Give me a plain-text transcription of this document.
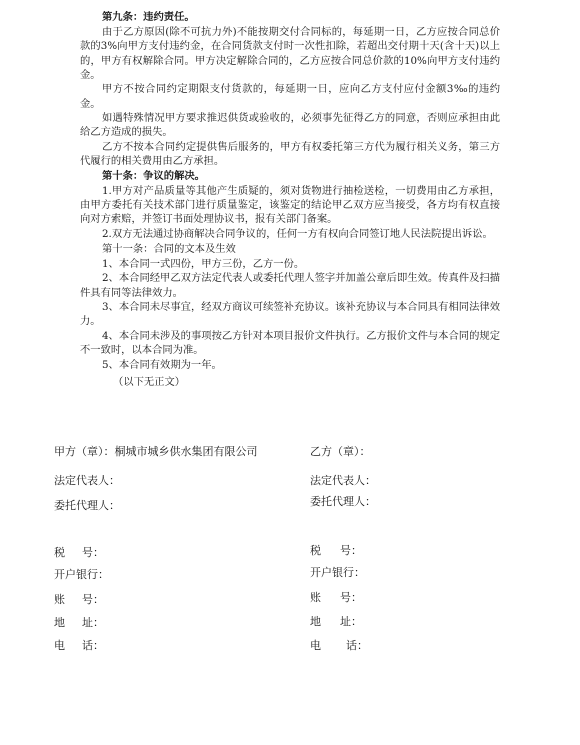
第九条：违约责任。

由于乙方原因(除不可抗力外)不能按期交付合同标的，每延期一日，乙方应按合同总价款的3%向甲方支付违约金，在合同货款支付时一次性扣除，若超出交付期十天(含十天)以上的，甲方有权解除合同。甲方决定解除合同的，乙方应按合同总价款的10%向甲方支付违约金。

甲方不按合同约定期限支付货款的，每延期一日，应向乙方支付应付金额3‰的违约金。

如遇特殊情况甲方要求推迟供货或验收的，必须事先征得乙方的同意，否则应承担由此给乙方造成的损失。

乙方不按本合同约定提供售后服务的，甲方有权委托第三方代为履行相关义务，第三方代履行的相关费用由乙方承担。

第十条：争议的解决。

1.甲方对产品质量等其他产生质疑的，须对货物进行抽检送检，一切费用由乙方承担，由甲方委托有关技术部门进行质量鉴定，该鉴定的结论甲乙双方应当接受，各方均有权直接向对方索赔，并签订书面处理协议书，报有关部门备案。

2.双方无法通过协商解决合同争议的，任何一方有权向合同签订地人民法院提出诉讼。

第十一条：合同的文本及生效

1、本合同一式四份，甲方三份，乙方一份。

2、本合同经甲乙双方法定代表人或委托代理人签字并加盖公章后即生效。传真件及扫描件具有同等法律效力。

3、本合同未尽事宜，经双方商议可续签补充协议。该补充协议与本合同具有相同法律效力。

4、本合同未涉及的事项按乙方针对本项目报价文件执行。乙方报价文件与本合同的规定不一致时，以本合同为准。

5、本合同有效期为一年。

（以下无正文）

甲方（章）：桐城市城乡供水集团有限公司	乙方（章）：
法定代表人：	法定代表人：
委托代理人：	委托代理人：
税 号：	税 号：
开户银行：	开户银行：
账 号：	账 号：
地 址：	地 址：
电 话：	电 话：
